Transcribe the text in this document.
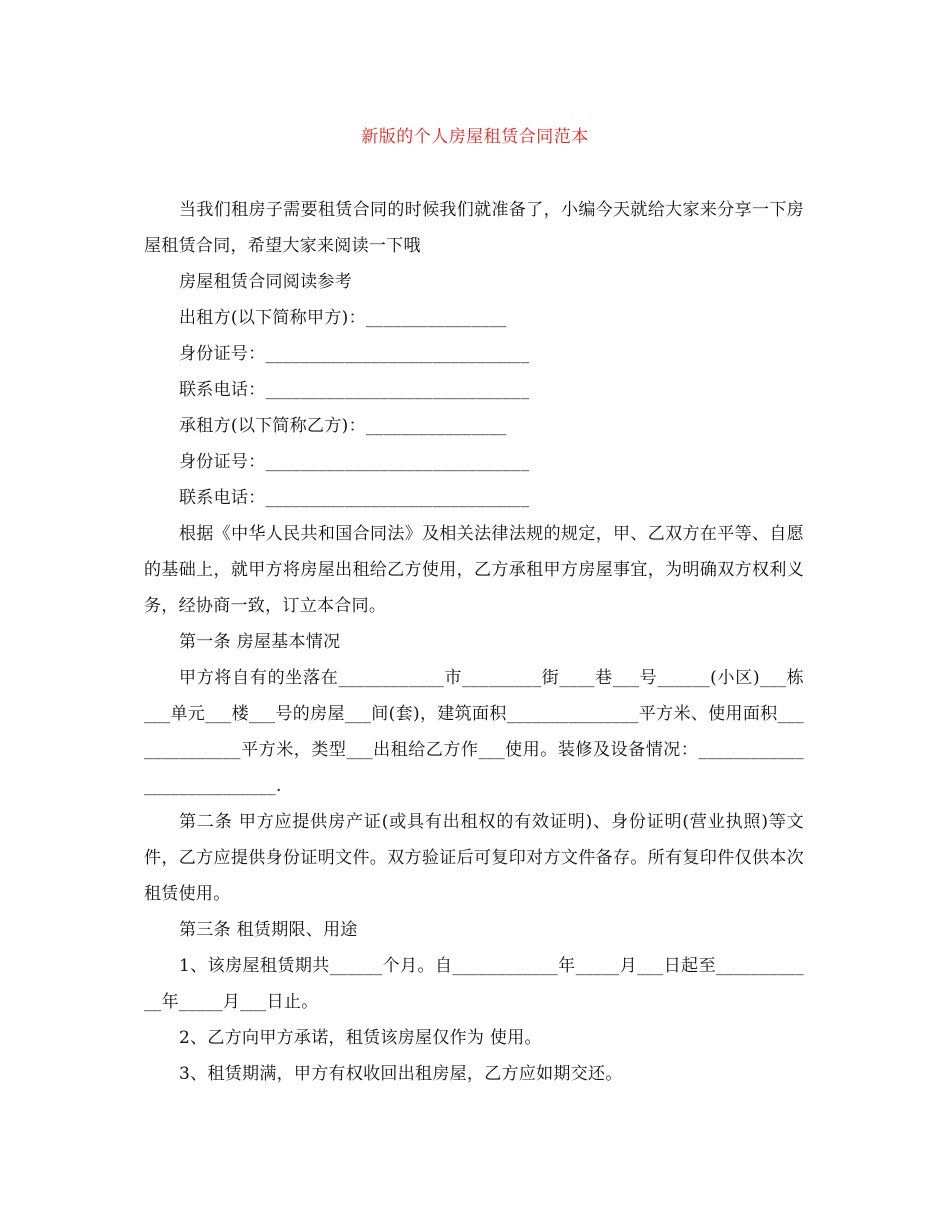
新版的个人房屋租赁合同范本

当我们租房子需要租赁合同的时候我们就准备了，小编今天就给大家来分享一下房屋租赁合同，希望大家来阅读一下哦

房屋租赁合同阅读参考

出租方(以下简称甲方)：________________

身份证号：______________________________

联系电话：______________________________

承租方(以下简称乙方)：________________

身份证号：______________________________

联系电话：______________________________

根据《中华人民共和国合同法》及相关法律法规的规定，甲、乙双方在平等、自愿的基础上，就甲方将房屋出租给乙方使用，乙方承租甲方房屋事宜，为明确双方权利义务，经协商一致，订立本合同。

第一条 房屋基本情况

甲方将自有的坐落在____________市_________街____巷___号______(小区)___栋___单元___楼___号的房屋___间(套)，建筑面积_______________平方米、使用面积______________平方米，类型___出租给乙方作___使用。装修及设备情况：___________________________.

第二条 甲方应提供房产证(或具有出租权的有效证明)、身份证明(营业执照)等文件，乙方应提供身份证明文件。双方验证后可复印对方文件备存。所有复印件仅供本次租赁使用。

第三条 租赁期限、用途

1、该房屋租赁期共______个月。自____________年_____月___日起至____________年_____月___日止。

2、乙方向甲方承诺，租赁该房屋仅作为 使用。

3、租赁期满，甲方有权收回出租房屋，乙方应如期交还。
